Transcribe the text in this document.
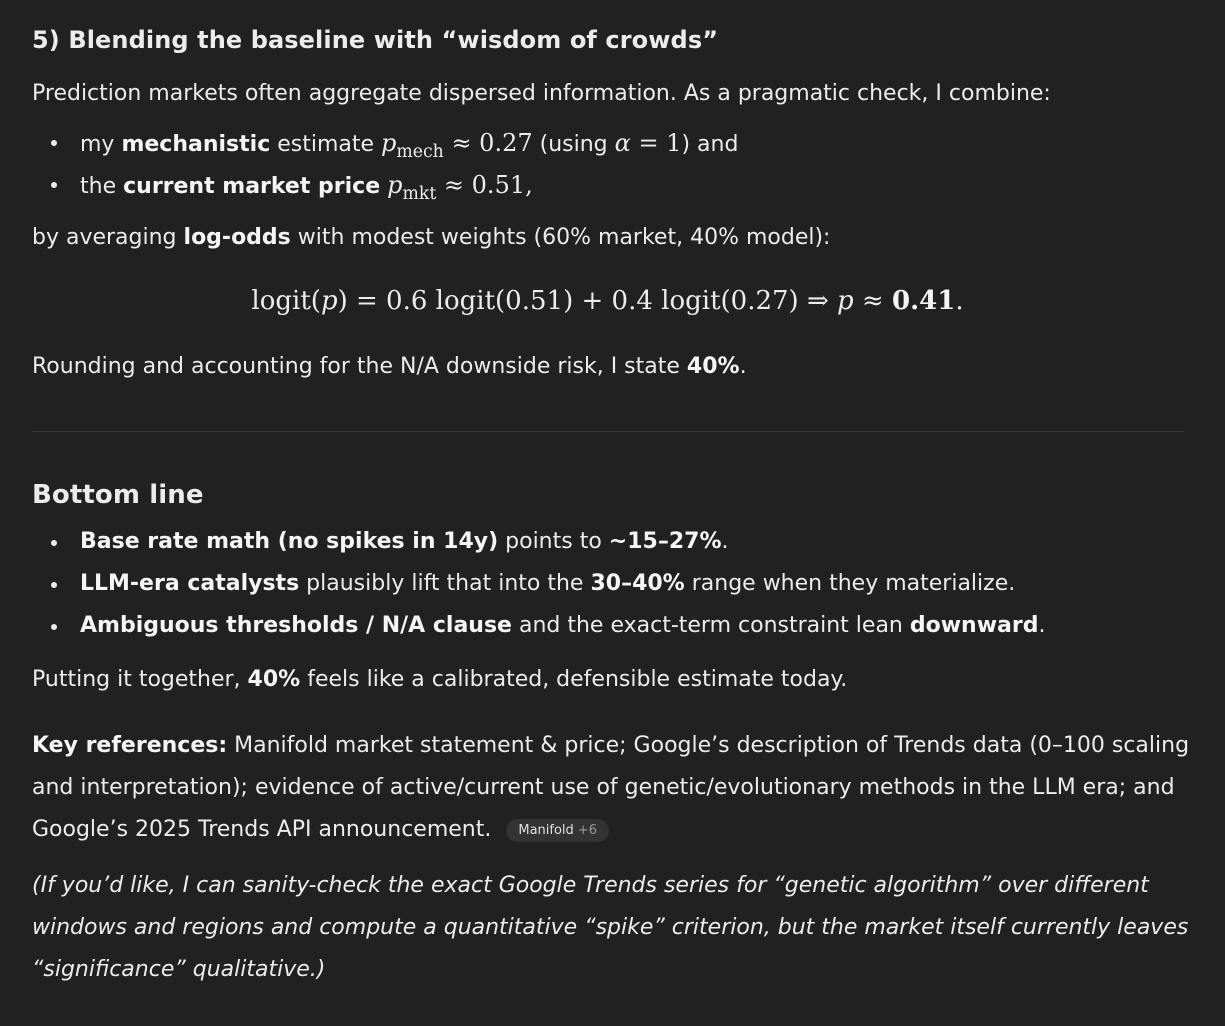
5) Blending the baseline with “wisdom of crowds”

Prediction markets often aggregate dispersed information. As a pragmatic check, I combine:

my mechanistic estimate $p_{mech} \approx 0.27$ (using α = 1) and
the current market price $p_{mkt} \approx 0.51$,

by averaging log-odds with modest weights (60% market, 40% model):

logit(p) = 0.6 logit(0.51) + 0.4 logit(0.27) ⇒ p ≈ 0.41.

Rounding and accounting for the N/A downside risk, I state 40%.

Bottom line
Base rate math (no spikes in 14y) points to ~15–27%.
LLM-era catalysts plausibly lift that into the 30–40% range when they materialize.
Ambiguous thresholds / N/A clause and the exact-term constraint lean downward.

Putting it together, 40% feels like a calibrated, defensible estimate today.

Key references: Manifold market statement & price; Google’s description of Trends data (0–100 scaling and interpretation); evidence of active/current use of genetic/evolutionary methods in the LLM era; and Google’s 2025 Trends API announcement. Manifold +6

(If you’d like, I can sanity-check the exact Google Trends series for “genetic algorithm” over different windows and regions and compute a quantitative “spike” criterion, but the market itself currently leaves “significance” qualitative.)
